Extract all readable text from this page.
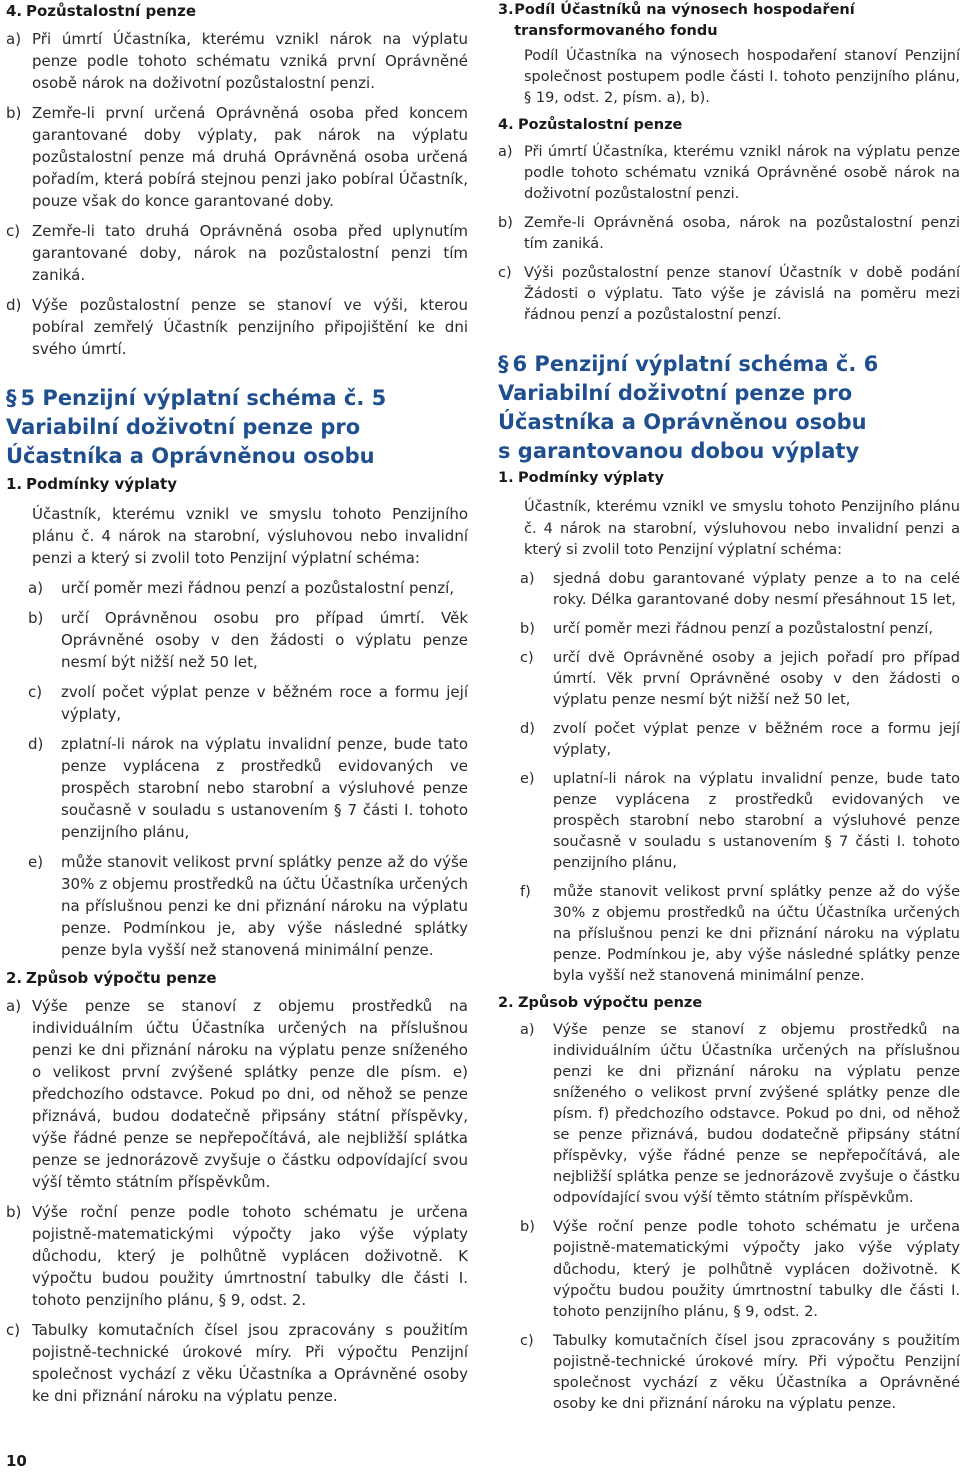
4. Pozůstalostní penze
a) Při úmrtí Účastníka, kterému vznikl nárok na výplatu penze podle tohoto schématu vzniká první Oprávněné osobě nárok na doživotní pozůstalostní penzi.
b) Zemře-li první určená Oprávněná osoba před koncem garantované doby výplaty, pak nárok na výplatu pozůstalostní penze má druhá Oprávněná osoba určená pořadím, která pobírá stejnou penzi jako pobíral Účastník, pouze však do konce garantované doby.
c) Zemře-li tato druhá Oprávněná osoba před uplynutím garantované doby, nárok na pozůstalostní penzi tím zaniká.
d) Výše pozůstalostní penze se stanoví ve výši, kterou pobíral zemřelý Účastník penzijního připojištění ke dni svého úmrtí.
§ 5 Penzijní výplatní schéma č. 5
Variabilní doživotní penze pro
Účastníka a Oprávněnou osobu
1. Podmínky výplaty
Účastník, kterému vznikl ve smyslu tohoto Penzijního plánu č. 4 nárok na starobní, výsluhovou nebo invalidní penzi a který si zvolil toto Penzijní výplatní schéma:
a) určí poměr mezi řádnou penzí a pozůstalostní penzí,
b) určí Oprávněnou osobu pro případ úmrtí. Věk Oprávněné osoby v den žádosti o výplatu penze nesmí být nižší než 50 let,
c) zvolí počet výplat penze v běžném roce a formu její výplaty,
d) zplatní-li nárok na výplatu invalidní penze, bude tato penze vyplácena z prostředků evidovaných ve prospěch starobní nebo starobní a výsluhové penze současně v souladu s ustanovením § 7 části I. tohoto penzijního plánu,
e) může stanovit velikost první splátky penze až do výše 30% z objemu prostředků na účtu Účastníka určených na příslušnou penzi ke dni přiznání nároku na výplatu penze. Podmínkou je, aby výše následné splátky penze byla vyšší než stanovená minimální penze.
2. Způsob výpočtu penze
a) Výše penze se stanoví z objemu prostředků na individuálním účtu Účastníka určených na příslušnou penzi ke dni přiznání nároku na výplatu penze sníženého o velikost první zvýšené splátky penze dle písm. e) předchozího odstavce. Pokud po dni, od něhož se penze přiznává, budou dodatečně připsány státní příspěvky, výše řádné penze se nepřepočítává, ale nejbližší splátka penze se jednorázově zvyšuje o částku odpovídající svou výší těmto státním příspěvkům.
b) Výše roční penze podle tohoto schématu je určena pojistně-matematickými výpočty jako výše výplaty důchodu, který je polhůtně vyplácen doživotně. K výpočtu budou použity úmrtnostní tabulky dle části I. tohoto penzijního plánu, § 9, odst. 2.
c) Tabulky komutačních čísel jsou zpracovány s použitím pojistně-technické úrokové míry. Při výpočtu Penzijní společnost vychází z věku Účastníka a Oprávněné osoby ke dni přiznání nároku na výplatu penze.
3. Podíl Účastníků na výnosech hospodaření transformovaného fondu
Podíl Účastníka na výnosech hospodaření stanoví Penzijní společnost postupem podle části I. tohoto penzijního plánu, § 19, odst. 2, písm. a), b).
4. Pozůstalostní penze
a) Při úmrtí Účastníka, kterému vznikl nárok na výplatu penze podle tohoto schématu vzniká Oprávněné osobě nárok na doživotní pozůstalostní penzi.
b) Zemře-li Oprávněná osoba, nárok na pozůstalostní penzi tím zaniká.
c) Výši pozůstalostní penze stanoví Účastník v době podání Žádosti o výplatu. Tato výše je závislá na poměru mezi řádnou penzí a pozůstalostní penzí.
§ 6 Penzijní výplatní schéma č. 6
Variabilní doživotní penze pro
Účastníka a Oprávněnou osobu
s garantovanou dobou výplaty
1. Podmínky výplaty
Účastník, kterému vznikl ve smyslu tohoto Penzijního plánu č. 4 nárok na starobní, výsluhovou nebo invalidní penzi a který si zvolil toto Penzijní výplatní schéma:
a) sjedná dobu garantované výplaty penze a to na celé roky. Délka garantované doby nesmí přesáhnout 15 let,
b) určí poměr mezi řádnou penzí a pozůstalostní penzí,
c) určí dvě Oprávněné osoby a jejich pořadí pro případ úmrtí. Věk první Oprávněné osoby v den žádosti o výplatu penze nesmí být nižší než 50 let,
d) zvolí počet výplat penze v běžném roce a formu její výplaty,
e) uplatní-li nárok na výplatu invalidní penze, bude tato penze vyplácena z prostředků evidovaných ve prospěch starobní nebo starobní a výsluhové penze současně v souladu s ustanovením § 7 části I. tohoto penzijního plánu,
f) může stanovit velikost první splátky penze až do výše 30% z objemu prostředků na účtu Účastníka určených na příslušnou penzi ke dni přiznání nároku na výplatu penze. Podmínkou je, aby výše následné splátky penze byla vyšší než stanovená minimální penze.
2. Způsob výpočtu penze
a) Výše penze se stanoví z objemu prostředků na individuálním účtu Účastníka určených na příslušnou penzi ke dni přiznání nároku na výplatu penze sníženého o velikost první zvýšené splátky penze dle písm. f) předchozího odstavce. Pokud po dni, od něhož se penze přiznává, budou dodatečně připsány státní příspěvky, výše řádné penze se nepřepočítává, ale nejbližší splátka penze se jednorázově zvyšuje o částku odpovídající svou výší těmto státním příspěvkům.
b) Výše roční penze podle tohoto schématu je určena pojistně-matematickými výpočty jako výše výplaty důchodu, který je polhůtně vyplácen doživotně. K výpočtu budou použity úmrtnostní tabulky dle části I. tohoto penzijního plánu, § 9, odst. 2.
c) Tabulky komutačních čísel jsou zpracovány s použitím pojistně-technické úrokové míry. Při výpočtu Penzijní společnost vychází z věku Účastníka a Oprávněné osoby ke dni přiznání nároku na výplatu penze.
10
